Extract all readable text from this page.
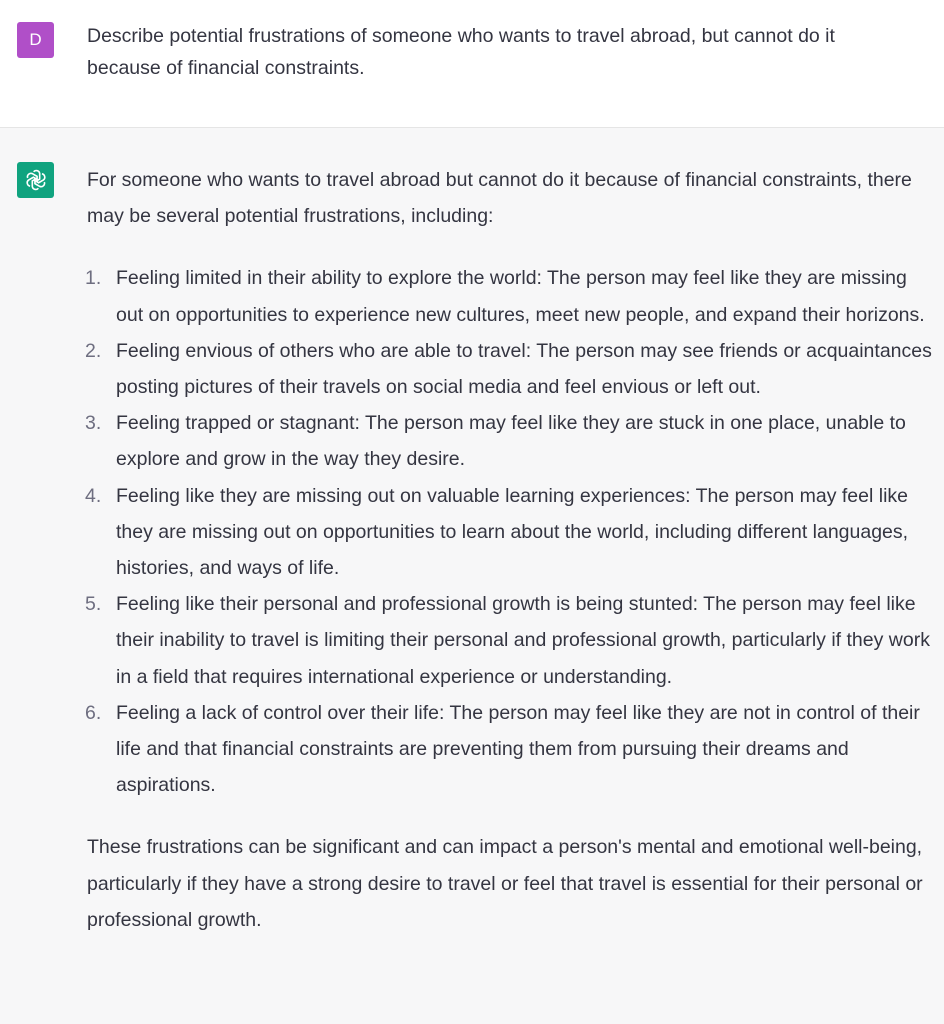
D	Describe potential frustrations of someone who wants to travel abroad, but cannot do it because of financial constraints.

For someone who wants to travel abroad but cannot do it because of financial constraints, there may be several potential frustrations, including:

1. Feeling limited in their ability to explore the world: The person may feel like they are missing out on opportunities to experience new cultures, meet new people, and expand their horizons.
2. Feeling envious of others who are able to travel: The person may see friends or acquaintances posting pictures of their travels on social media and feel envious or left out.
3. Feeling trapped or stagnant: The person may feel like they are stuck in one place, unable to explore and grow in the way they desire.
4. Feeling like they are missing out on valuable learning experiences: The person may feel like they are missing out on opportunities to learn about the world, including different languages, histories, and ways of life.
5. Feeling like their personal and professional growth is being stunted: The person may feel like their inability to travel is limiting their personal and professional growth, particularly if they work in a field that requires international experience or understanding.
6. Feeling a lack of control over their life: The person may feel like they are not in control of their life and that financial constraints are preventing them from pursuing their dreams and aspirations.

These frustrations can be significant and can impact a person's mental and emotional well-being, particularly if they have a strong desire to travel or feel that travel is essential for their personal or professional growth.
